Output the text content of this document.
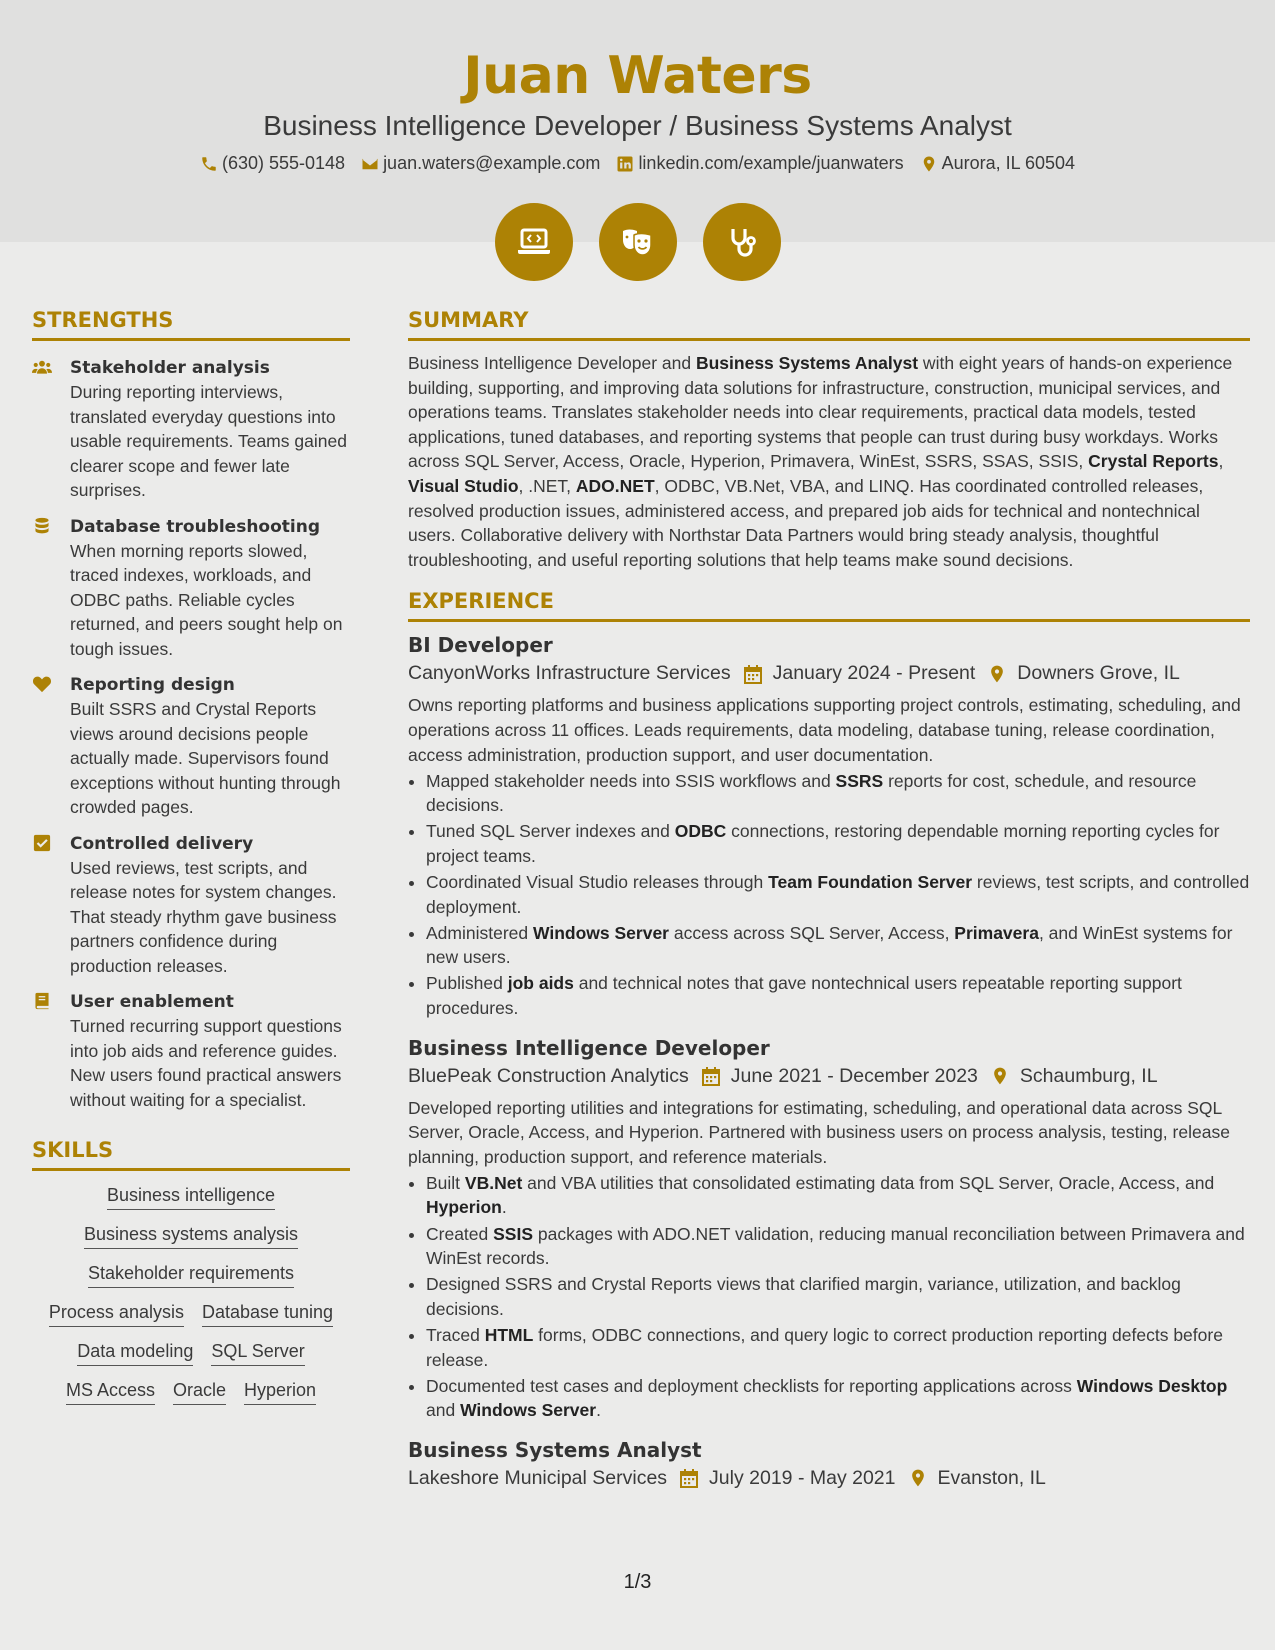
Juan Waters
Business Intelligence Developer / Business Systems Analyst
(630) 555-0148 juan.waters@example.com linkedin.com/example/juanwaters Aurora, IL 60504
STRENGTHS
Stakeholder analysis
During reporting interviews, translated everyday questions into usable requirements. Teams gained clearer scope and fewer late surprises.
Database troubleshooting
When morning reports slowed, traced indexes, workloads, and ODBC paths. Reliable cycles returned, and peers sought help on tough issues.
Reporting design
Built SSRS and Crystal Reports views around decisions people actually made. Supervisors found exceptions without hunting through crowded pages.
Controlled delivery
Used reviews, test scripts, and release notes for system changes. That steady rhythm gave business partners confidence during production releases.
User enablement
Turned recurring support questions into job aids and reference guides. New users found practical answers without waiting for a specialist.
SKILLS
Business intelligence
Business systems analysis
Stakeholder requirements
Process analysis Database tuning
Data modeling SQL Server
MS Access Oracle Hyperion
SUMMARY

Business Intelligence Developer and Business Systems Analyst with eight years of hands-on experience building, supporting, and improving data solutions for infrastructure, construction, municipal services, and operations teams. Translates stakeholder needs into clear requirements, practical data models, tested applications, tuned databases, and reporting systems that people can trust during busy workdays. Works across SQL Server, Access, Oracle, Hyperion, Primavera, WinEst, SSRS, SSAS, SSIS, Crystal Reports, Visual Studio, .NET, ADO.NET, ODBC, VB.Net, VBA, and LINQ. Has coordinated controlled releases, resolved production issues, administered access, and prepared job aids for technical and nontechnical users. Collaborative delivery with Northstar Data Partners would bring steady analysis, thoughtful troubleshooting, and useful reporting solutions that help teams make sound decisions.

EXPERIENCE
BI Developer
CanyonWorks Infrastructure Services January 2024 - Present Downers Grove, IL
Owns reporting platforms and business applications supporting project controls, estimating, scheduling, and operations across 11 offices. Leads requirements, data modeling, database tuning, release coordination, access administration, production support, and user documentation.
• Mapped stakeholder needs into SSIS workflows and SSRS reports for cost, schedule, and resource decisions.
• Tuned SQL Server indexes and ODBC connections, restoring dependable morning reporting cycles for project teams.
• Coordinated Visual Studio releases through Team Foundation Server reviews, test scripts, and controlled deployment.
• Administered Windows Server access across SQL Server, Access, Primavera, and WinEst systems for new users.
• Published job aids and technical notes that gave nontechnical users repeatable reporting support procedures.
Business Intelligence Developer
BluePeak Construction Analytics June 2021 - December 2023 Schaumburg, IL
Developed reporting utilities and integrations for estimating, scheduling, and operational data across SQL Server, Oracle, Access, and Hyperion. Partnered with business users on process analysis, testing, release planning, production support, and reference materials.
• Built VB.Net and VBA utilities that consolidated estimating data from SQL Server, Oracle, Access, and Hyperion.
• Created SSIS packages with ADO.NET validation, reducing manual reconciliation between Primavera and WinEst records.
• Designed SSRS and Crystal Reports views that clarified margin, variance, utilization, and backlog decisions.
• Traced HTML forms, ODBC connections, and query logic to correct production reporting defects before release.
• Documented test cases and deployment checklists for reporting applications across Windows Desktop and Windows Server.
Business Systems Analyst
Lakeshore Municipal Services July 2019 - May 2021 Evanston, IL
1/3
